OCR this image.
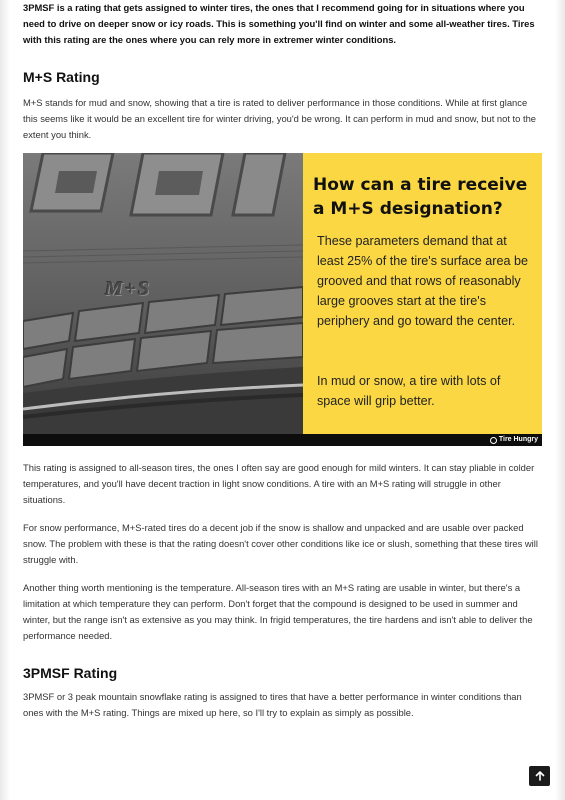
3PMSF is a rating that gets assigned to winter tires, the ones that I recommend going for in situations where you need to drive on deeper snow or icy roads. This is something you'll find on winter and some all-weather tires. Tires with this rating are the ones where you can rely more in extremer winter conditions.

M+S Rating

M+S stands for mud and snow, showing that a tire is rated to deliver performance in those conditions. While at first glance this seems like it would be an excellent tire for winter driving, you'd be wrong. It can perform in mud and snow, but not to the extent you think.

M+S
How can a tire receive a M+S designation?
These parameters demand that at least 25% of the tire's surface area be grooved and that rows of reasonably large grooves start at the tire's periphery and go toward the center.
In mud or snow, a tire with lots of space will grip better.
Tire Hungry

This rating is assigned to all-season tires, the ones I often say are good enough for mild winters. It can stay pliable in colder temperatures, and you'll have decent traction in light snow conditions. A tire with an M+S rating will struggle in other situations.

For snow performance, M+S-rated tires do a decent job if the snow is shallow and unpacked and are usable over packed snow. The problem with these is that the rating doesn't cover other conditions like ice or slush, something that these tires will struggle with.

Another thing worth mentioning is the temperature. All-season tires with an M+S rating are usable in winter, but there's a limitation at which temperature they can perform. Don't forget that the compound is designed to be used in summer and winter, but the range isn't as extensive as you may think. In frigid temperatures, the tire hardens and isn't able to deliver the performance needed.

3PMSF Rating

3PMSF or 3 peak mountain snowflake rating is assigned to tires that have a better performance in winter conditions than ones with the M+S rating. Things are mixed up here, so I'll try to explain as simply as possible.
